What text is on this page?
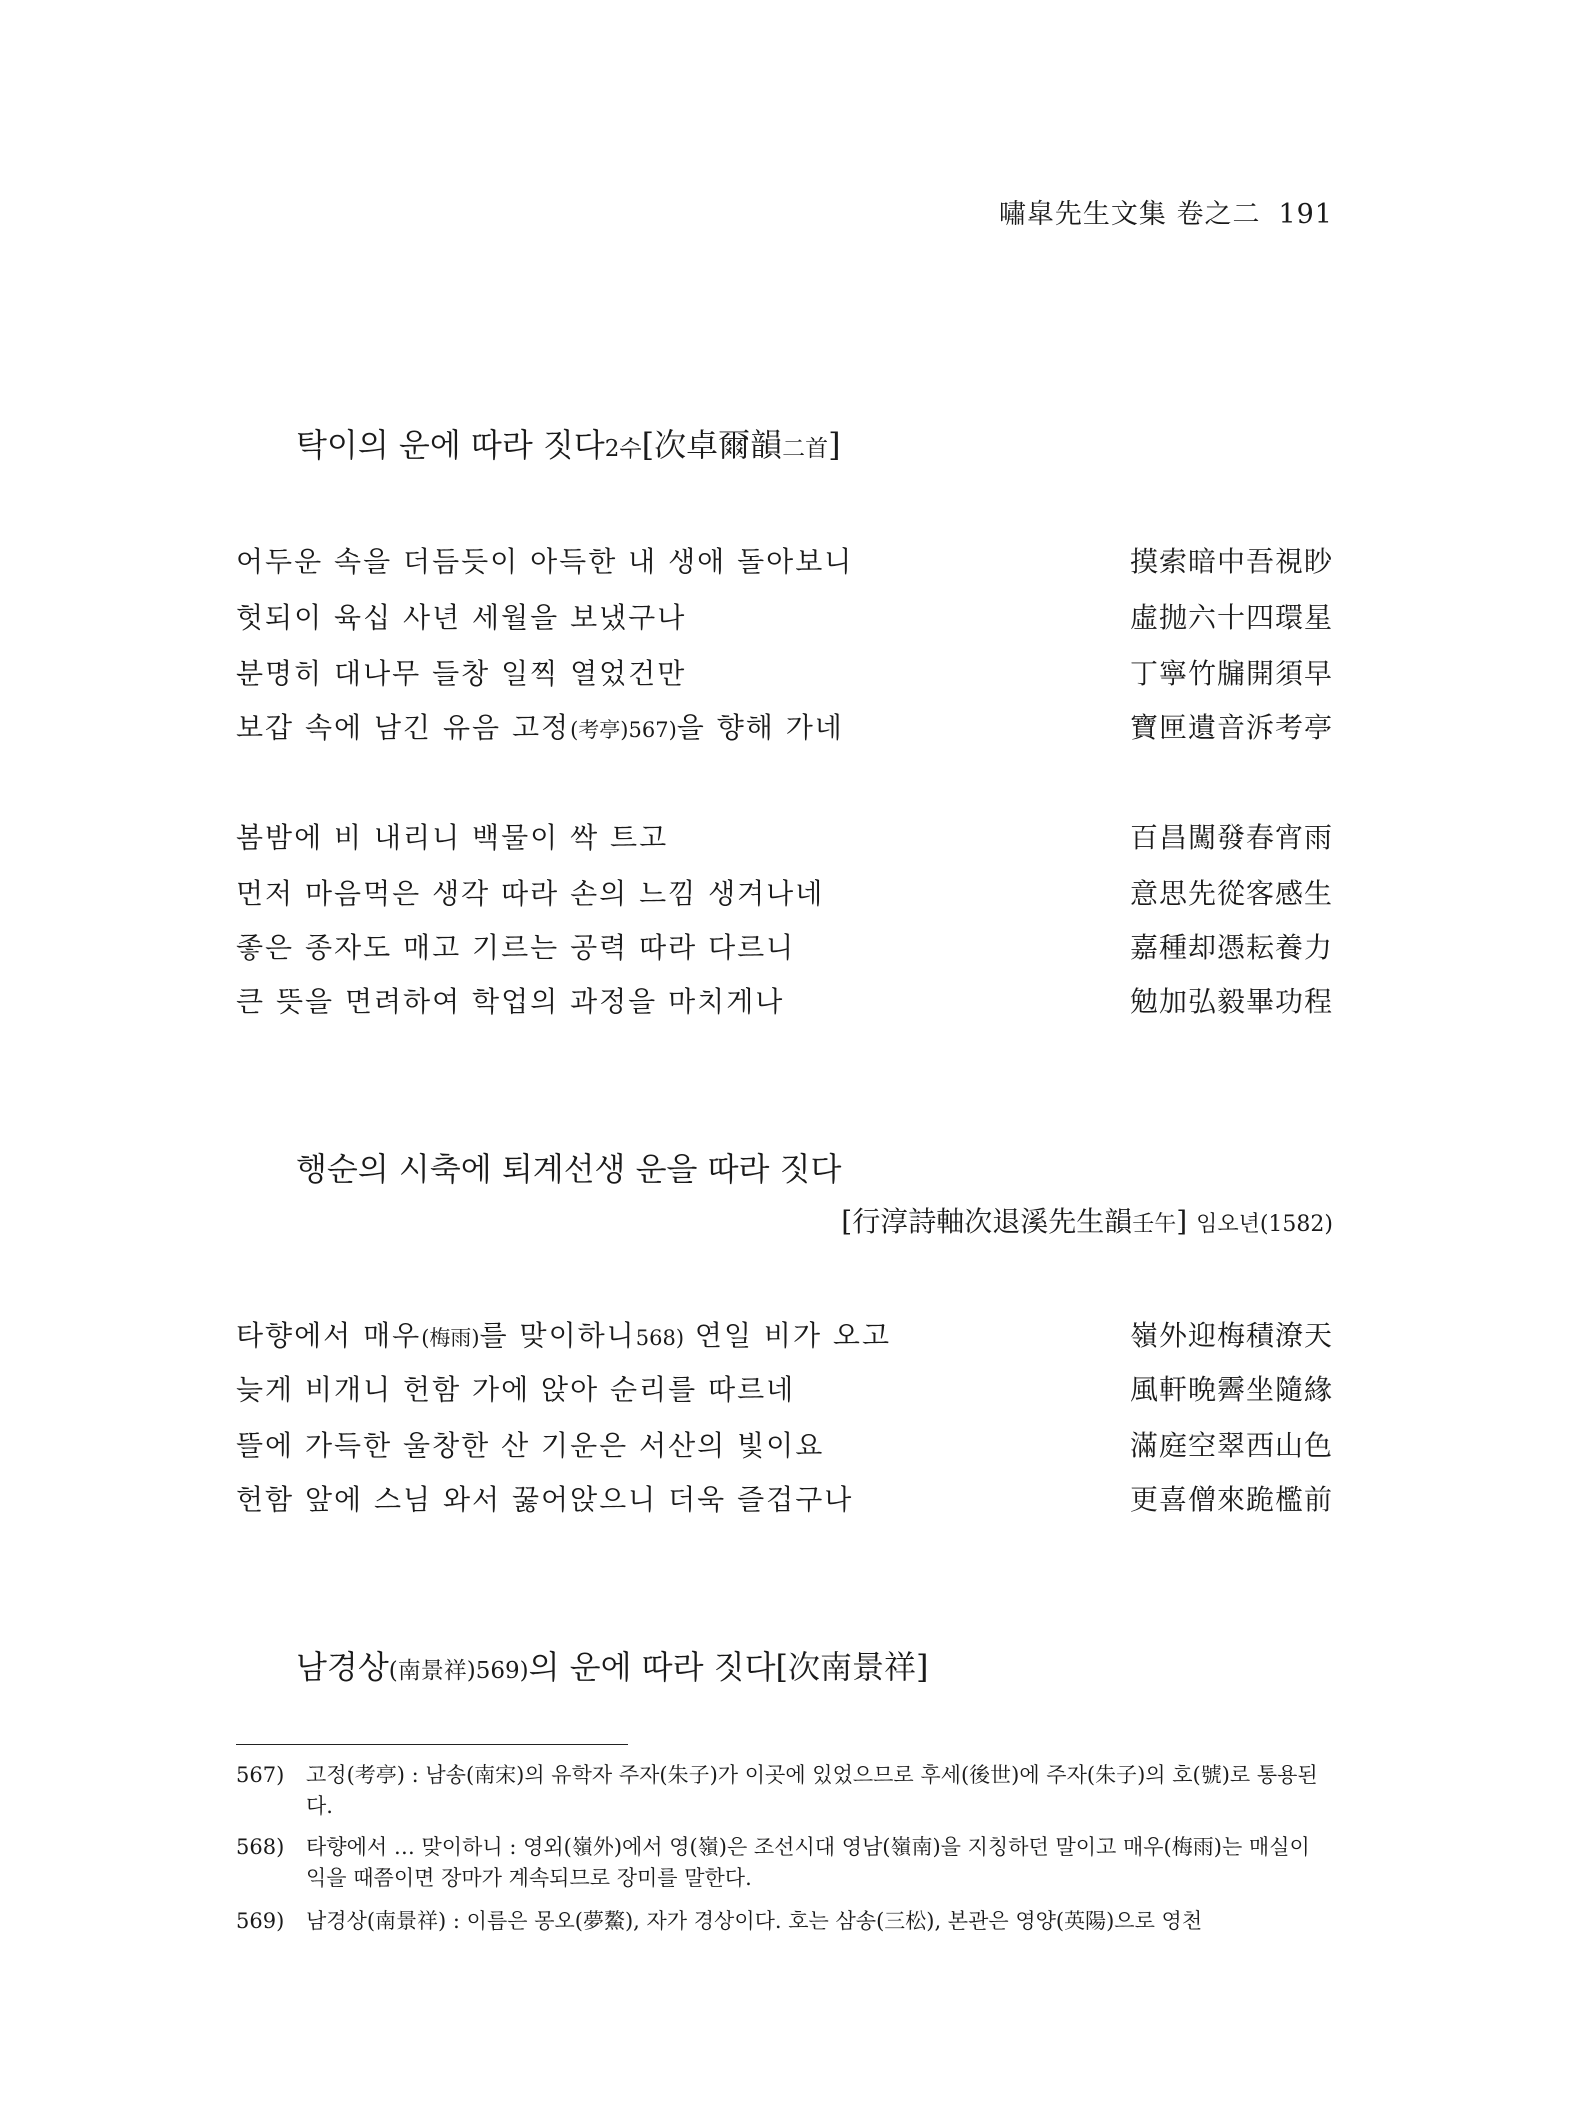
嘯皐先生文集 卷之二 191
탁이의 운에 따라 짓다2수[次卓爾韻二首]
어두운 속을 더듬듯이 아득한 내 생애 돌아보니	摸索暗中吾視眇
헛되이 육십 사년 세월을 보냈구나	虛抛六十四環星
분명히 대나무 들창 일찍 열었건만	丁寧竹牖開須早
보갑 속에 남긴 유음 고정(考亭)567)을 향해 가네	寶匣遺音泝考亭
봄밤에 비 내리니 백물이 싹 트고	百昌闖發春宵雨
먼저 마음먹은 생각 따라 손의 느낌 생겨나네	意思先從客感生
좋은 종자도 매고 기르는 공력 따라 다르니	嘉種却憑耘養力
큰 뜻을 면려하여 학업의 과정을 마치게나	勉加弘毅畢功程
행순의 시축에 퇴계선생 운을 따라 짓다
[行淳詩軸次退溪先生韻壬午] 임오년(1582)
타향에서 매우(梅雨)를 맞이하니568) 연일 비가 오고	嶺外迎梅積潦天
늦게 비개니 헌함 가에 앉아 순리를 따르네	風軒晩霽坐隨緣
뜰에 가득한 울창한 산 기운은 서산의 빛이요	滿庭空翠西山色
헌함 앞에 스님 와서 꿇어앉으니 더욱 즐겁구나	更喜僧來跪檻前
남경상(南景祥)569)의 운에 따라 짓다[次南景祥]
567) 고정(考亭) : 남송(南宋)의 유학자 주자(朱子)가 이곳에 있었으므로 후세(後世)에 주자(朱子)의 호(號)로 통용된다.
568) 타향에서 … 맞이하니 : 영외(嶺外)에서 영(嶺)은 조선시대 영남(嶺南)을 지칭하던 말이고 매우(梅雨)는 매실이 익을 때쯤이면 장마가 계속되므로 장미를 말한다.
569) 남경상(南景祥) : 이름은 몽오(夢鰲), 자가 경상이다. 호는 삼송(三松), 본관은 영양(英陽)으로 영천
